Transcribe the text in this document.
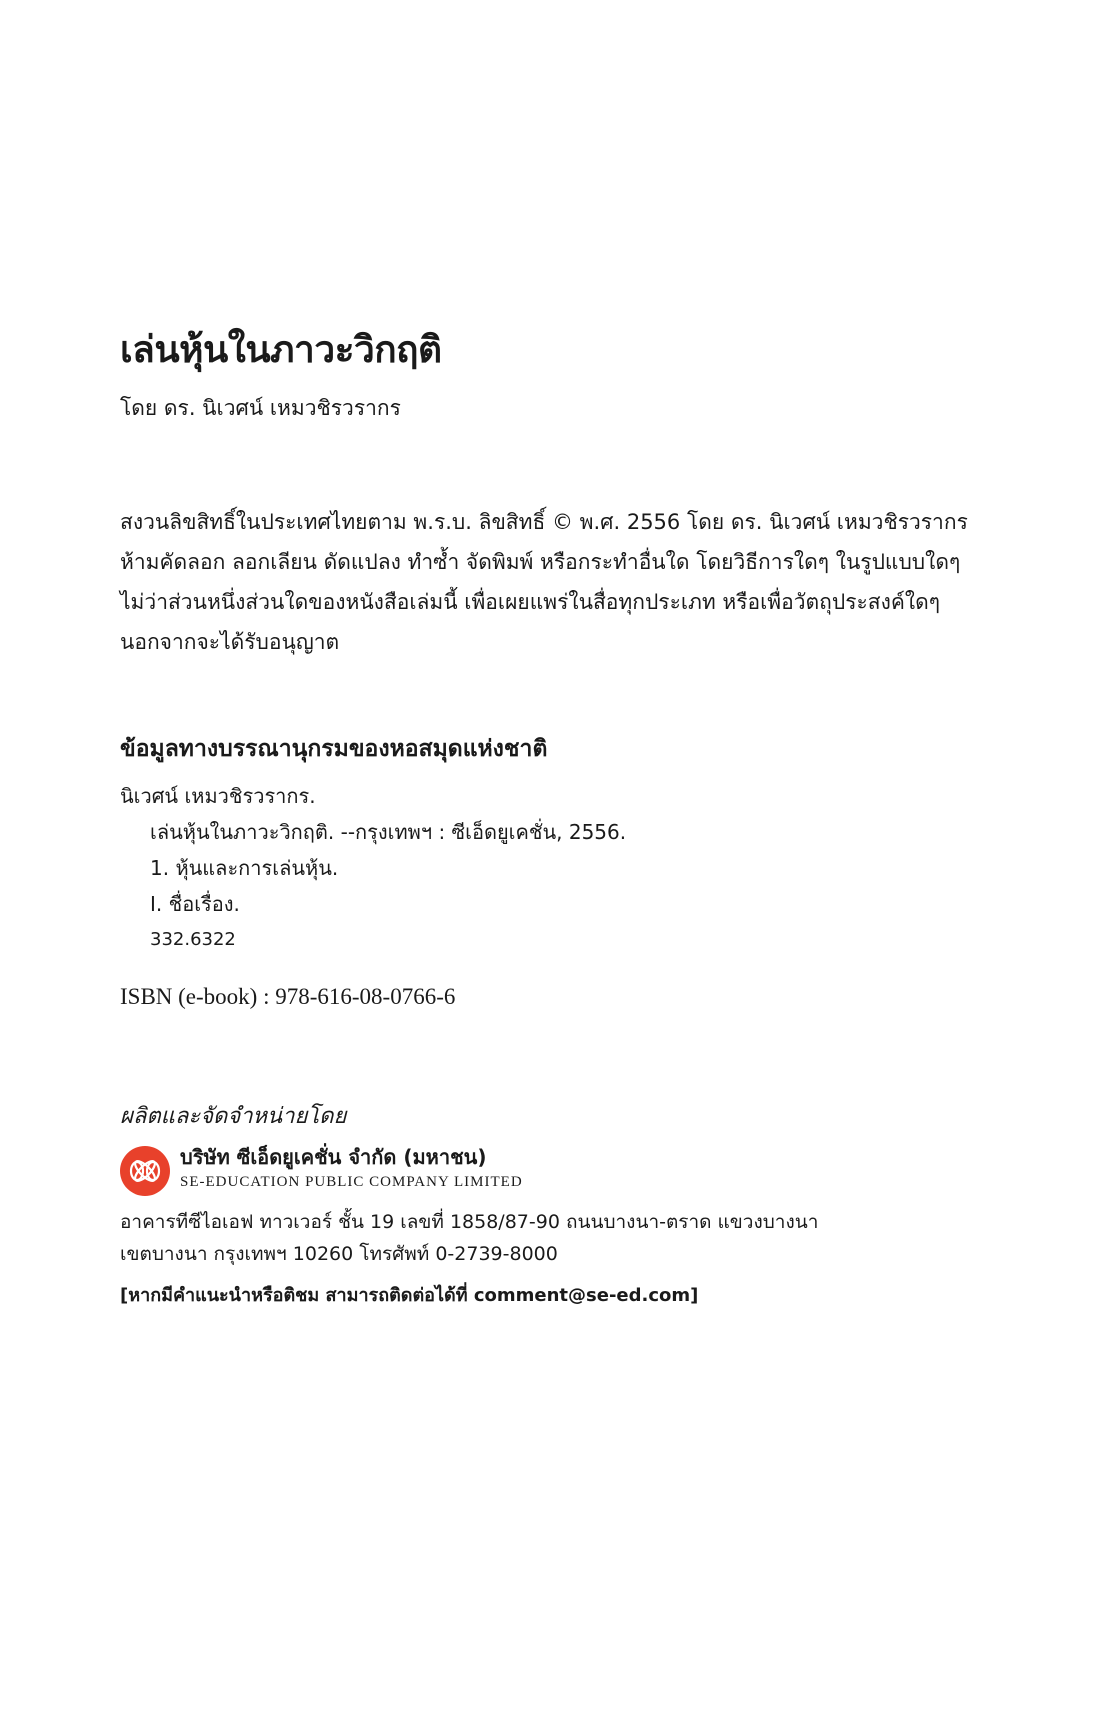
เล่นหุ้นในภาวะวิกฤติ
โดย ดร. นิเวศน์ เหมวชิรวรากร
สงวนลิขสิทธิ์ในประเทศไทยตาม พ.ร.บ. ลิขสิทธิ์ © พ.ศ. 2556 โดย ดร. นิเวศน์ เหมวชิรวรากร
ห้ามคัดลอก ลอกเลียน ดัดแปลง ทำซ้ำ จัดพิมพ์ หรือกระทำอื่นใด โดยวิธีการใดๆ ในรูปแบบใดๆ
ไม่ว่าส่วนหนึ่งส่วนใดของหนังสือเล่มนี้ เพื่อเผยแพร่ในสื่อทุกประเภท หรือเพื่อวัตถุประสงค์ใดๆ
นอกจากจะได้รับอนุญาต
ข้อมูลทางบรรณานุกรมของหอสมุดแห่งชาติ
นิเวศน์ เหมวชิรวรากร.
เล่นหุ้นในภาวะวิกฤติ. --กรุงเทพฯ : ซีเอ็ดยูเคชั่น, 2556.
1. หุ้นและการเล่นหุ้น.
I. ชื่อเรื่อง.
332.6322
ISBN (e-book) : 978-616-08-0766-6
ผลิตและจัดจำหน่ายโดย
บริษัท ซีเอ็ดยูเคชั่น จำกัด (มหาชน)
SE-EDUCATION PUBLIC COMPANY LIMITED
อาคารทีซีไอเอฟ ทาวเวอร์ ชั้น 19 เลขที่ 1858/87-90 ถนนบางนา-ตราด แขวงบางนา
เขตบางนา กรุงเทพฯ 10260 โทรศัพท์ 0-2739-8000
[หากมีคำแนะนำหรือติชม สามารถติดต่อได้ที่ comment@se-ed.com]
